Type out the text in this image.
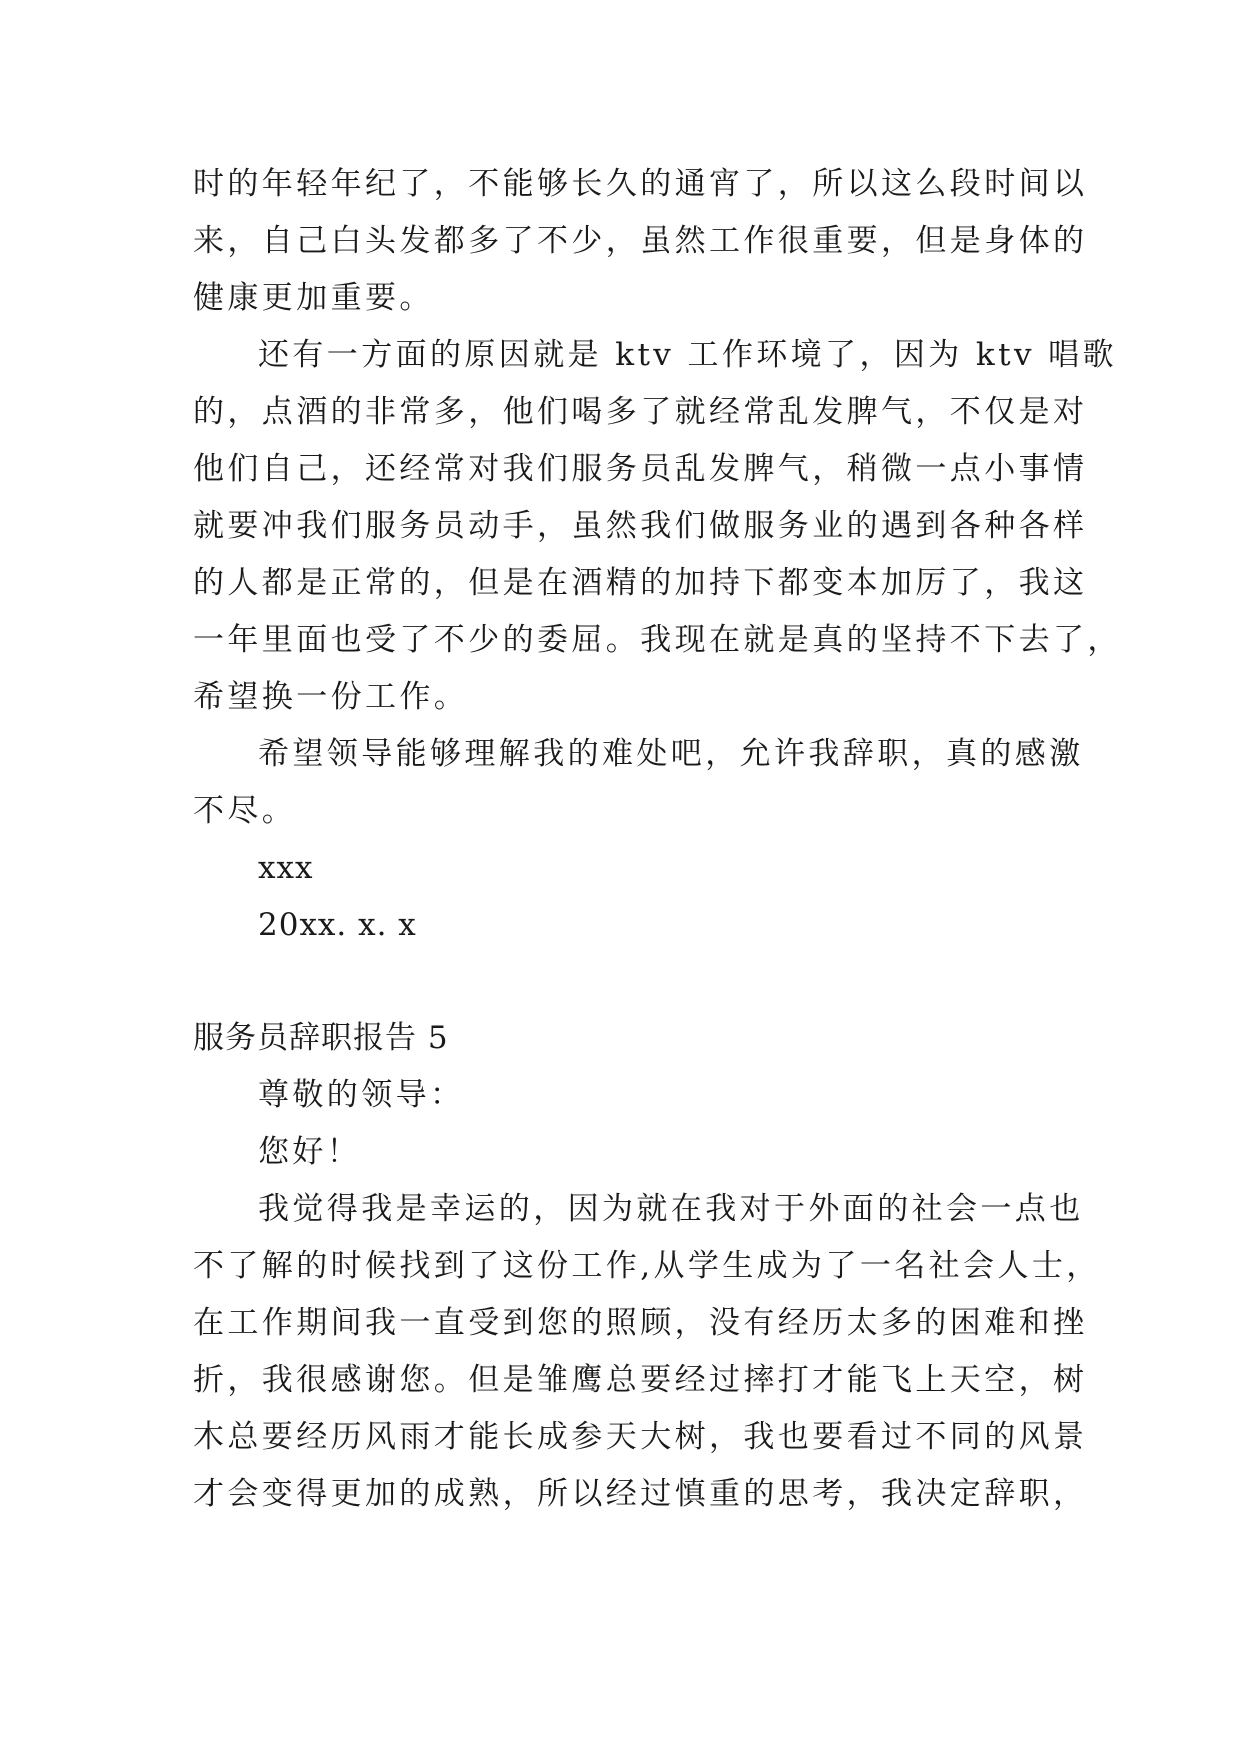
时的年轻年纪了，不能够长久的通宵了，所以这么段时间以
来，自己白头发都多了不少，虽然工作很重要，但是身体的
健康更加重要。
还有一方面的原因就是 ktv 工作环境了，因为 ktv 唱歌
的，点酒的非常多，他们喝多了就经常乱发脾气，不仅是对
他们自己，还经常对我们服务员乱发脾气，稍微一点小事情
就要冲我们服务员动手，虽然我们做服务业的遇到各种各样
的人都是正常的，但是在酒精的加持下都变本加厉了，我这
一年里面也受了不少的委屈。我现在就是真的坚持不下去了，
希望换一份工作。
希望领导能够理解我的难处吧，允许我辞职，真的感激
不尽。
xxx
20xx. x. x
服务员辞职报告 5
尊敬的领导：
您好！
我觉得我是幸运的，因为就在我对于外面的社会一点也
不了解的时候找到了这份工作,从学生成为了一名社会人士，
在工作期间我一直受到您的照顾，没有经历太多的困难和挫
折，我很感谢您。但是雏鹰总要经过摔打才能飞上天空，树
木总要经历风雨才能长成参天大树，我也要看过不同的风景
才会变得更加的成熟，所以经过慎重的思考，我决定辞职，
